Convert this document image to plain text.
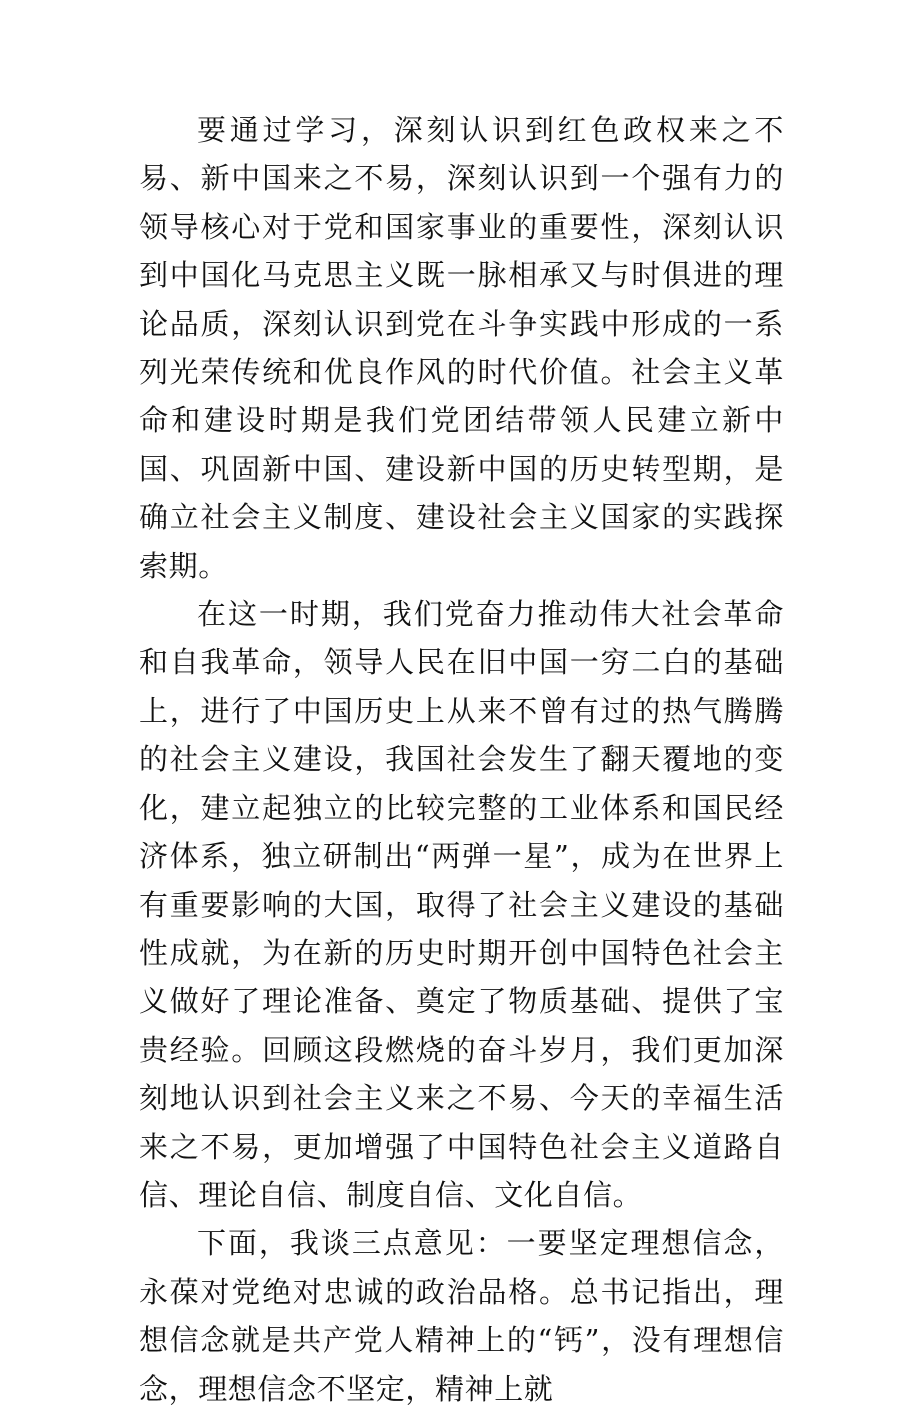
要通过学习，深刻认识到红色政权来之不易、新中国来之不易，深刻认识到一个强有力的领导核心对于党和国家事业的重要性，深刻认识到中国化马克思主义既一脉相承又与时俱进的理论品质，深刻认识到党在斗争实践中形成的一系列光荣传统和优良作风的时代价值。社会主义革命和建设时期是我们党团结带领人民建立新中国、巩固新中国、建设新中国的历史转型期，是确立社会主义制度、建设社会主义国家的实践探索期。

在这一时期，我们党奋力推动伟大社会革命和自我革命，领导人民在旧中国一穷二白的基础上，进行了中国历史上从来不曾有过的热气腾腾的社会主义建设，我国社会发生了翻天覆地的变化，建立起独立的比较完整的工业体系和国民经济体系，独立研制出“两弹一星”，成为在世界上有重要影响的大国，取得了社会主义建设的基础性成就，为在新的历史时期开创中国特色社会主义做好了理论准备、奠定了物质基础、提供了宝贵经验。回顾这段燃烧的奋斗岁月，我们更加深刻地认识到社会主义来之不易、今天的幸福生活来之不易，更加增强了中国特色社会主义道路自信、理论自信、制度自信、文化自信。

下面，我谈三点意见：一要坚定理想信念，永葆对党绝对忠诚的政治品格。总书记指出，理想信念就是共产党人精神上的“钙”，没有理想信念，理想信念不坚定，精神上就
